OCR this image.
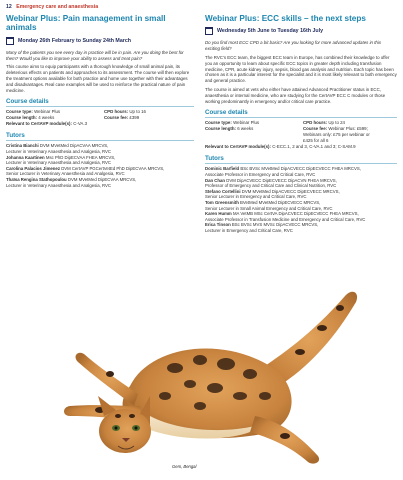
12 Emergency care and anaesthesia
Webinar Plus: Pain management in small animals
Monday 26th February to Sunday 24th March
Many of the patients you see every day in practice will be in pain. Are you doing the best for them? Would you like to improve your ability to assess and treat pain?
This course aims to equip participants with a thorough knowledge of small animal pain, its deleterious effects on patients and approaches to its assessment. The course will then explore the treatment options available for both practice and home use together with their advantages and disadvantages. Real case examples will be used to reinforce the practical nature of pain medicine.
Course details
Course type: Webinar Plus	CPD hours: Up to 16
Course length: 4 weeks	Course fee: £399
Relevant to CertAVP module(s): C-VA.3
Tutors
Cristina Bianchi DVM MVetMed DipACVAA MRCVS,
Lecturer in Veterinary Anaesthesia and Analgesia, RVC
Johanna Kaartinen Msc PhD DipECVAA FHEA MRCVS,
Lecturer in Veterinary Anaesthesia and Analgesia, RVC
Carolina Palacios Jimenez DVM CertAVP PGCertVetEd PhD DipECVAA MRCVS,
Senior Lecturer in Veterinary Anaesthesia and Analgesia, RVC
Thaïsa Rengina Stathopoulou DVM MVetMed DipECVAA MRCVS,
Lecturer in Veterinary Anaesthesia and Analgesia, RVC
Webinar Plus: ECC skills – the next steps
Wednesday 5th June to Tuesday 16th July
Do you find most ECC CPD a bit basic? Are you looking for more advanced updates in this exciting field?
The RVC's ECC team, the biggest ECC team in Europe, has combined their knowledge to offer you an opportunity to learn about specific ECC topics in greater depth including transfusion medicine, CPR, acute kidney injury, sepsis, blood gas analysis and nutrition. Each topic has been chosen as it is a particular interest for the specialist and it is most likely relevant to both emergency and general practice.
The course is aimed at vets who either have attained Advanced Practitioner status in ECC, anaesthesia or internal medicine, who are studying for the CertAVP ECC C modules or those working predominantly in emergency and/or critical care practice.
Course details
Course type: Webinar Plus	CPD hours: Up to 24
Course length: 6 weeks	Course fee: Webinar Plus: £599;
Webinars only: £75 per webinar or
£425 for all 6
Relevant to CertAVP module(s): C-ECC.1, 2 and 3, C-VA.1 and 3; C-SAM.9
Tutors
Dominic Barfield BSc BVSc MVetMed DipACVECC DipECVECC FHEA MRCVS,
Associate Professor in Emergency and Critical Care, RVC
Dan Chan DVM DipACVECC DipECVECC DipACVN FHEA MRCVS,
Professor of Emergency and Critical Care and Clinical Nutrition, RVC
Stefano Cortellini DVM MVetMed DipACVECC DipECVECC MRCVS,
Senior Lecturer in Emergency and Critical Care, RVC
Tom Greensmith BVetMed MVetMed DipECVECC MRCVS,
Senior Lecturer in Small Animal Emergency and Critical Care, RVC
Karen Humm MA VetMB MSc CertVA DipACVECC DipECVECC FHEA MRCVS,
Associate Professor in Transfusion Medicine and Emergency and Critical Care, RVC
Erica Tinson BSc BVSc MVS MVSc DipACVECC MRCVS,
Lecturer in Emergency and Critical Care, RVC
Gem, Bengal
